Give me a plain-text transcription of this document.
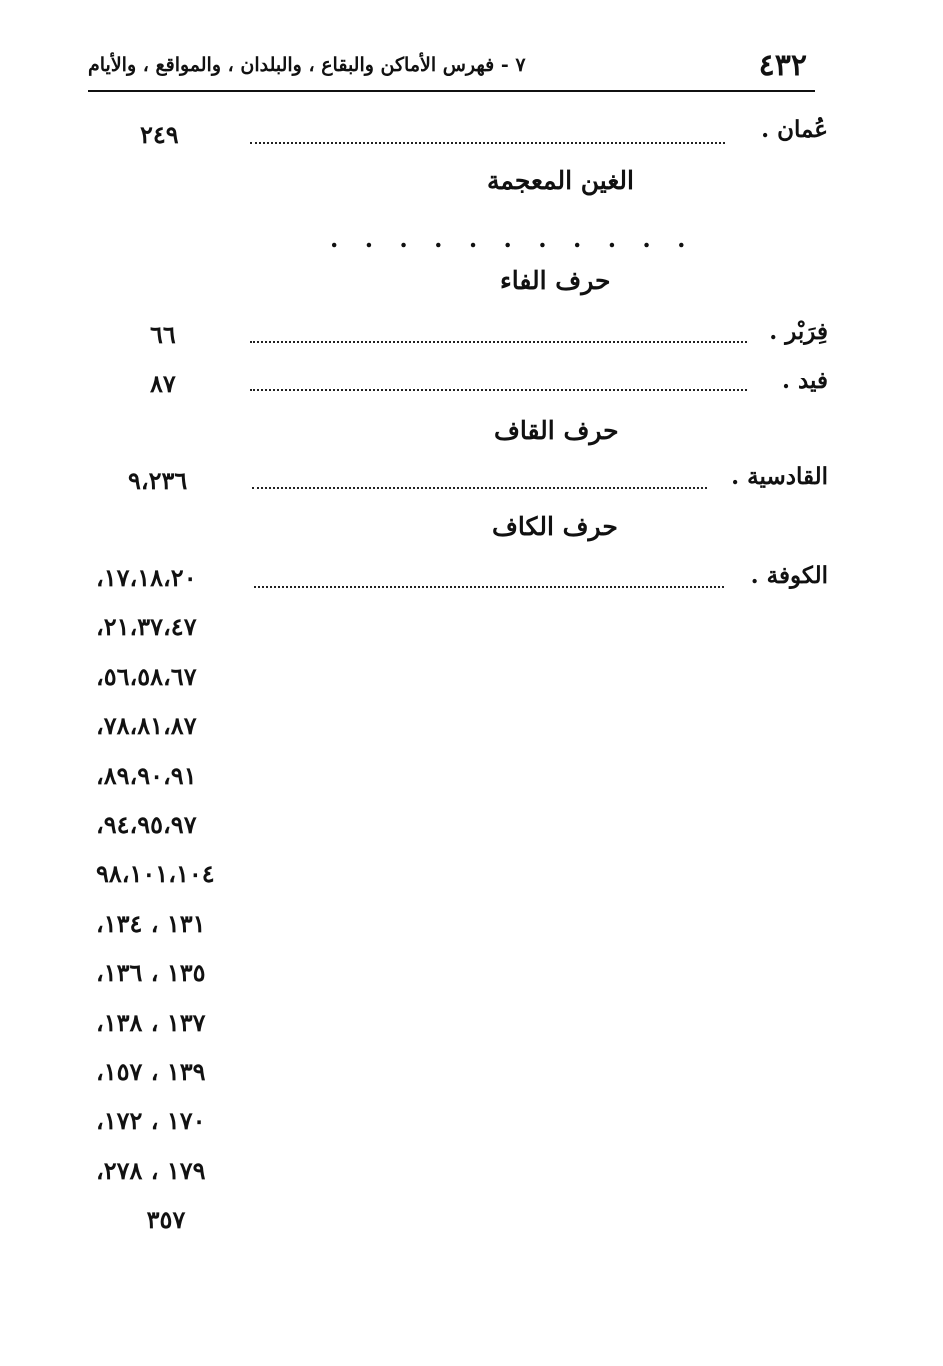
٤٣٢
٧ - فهرس الأماكن والبقاع ، والبلدان ، والمواقع ، والأيام
عُمان .
٢٤٩
الغين المعجمة
. . . . . . . . . . .
حرف الفاء
فِرَبْر .
٦٦
فيد .
٨٧
حرف القاف
القادسية .
٩،٢٣٦
حرف الكاف
الكوفة .
١٧،١٨،٢٠،
٢١،٣٧،٤٧،
٥٦،٥٨،٦٧،
٧٨،٨١،٨٧،
٨٩،٩٠،٩١،
٩٤،٩٥،٩٧،
٩٨،١٠١،١٠٤
١٣١ ، ١٣٤،
١٣٥ ، ١٣٦،
١٣٧ ، ١٣٨،
١٣٩ ، ١٥٧،
١٧٠ ، ١٧٢،
١٧٩ ، ٢٧٨،
٣٥٧
